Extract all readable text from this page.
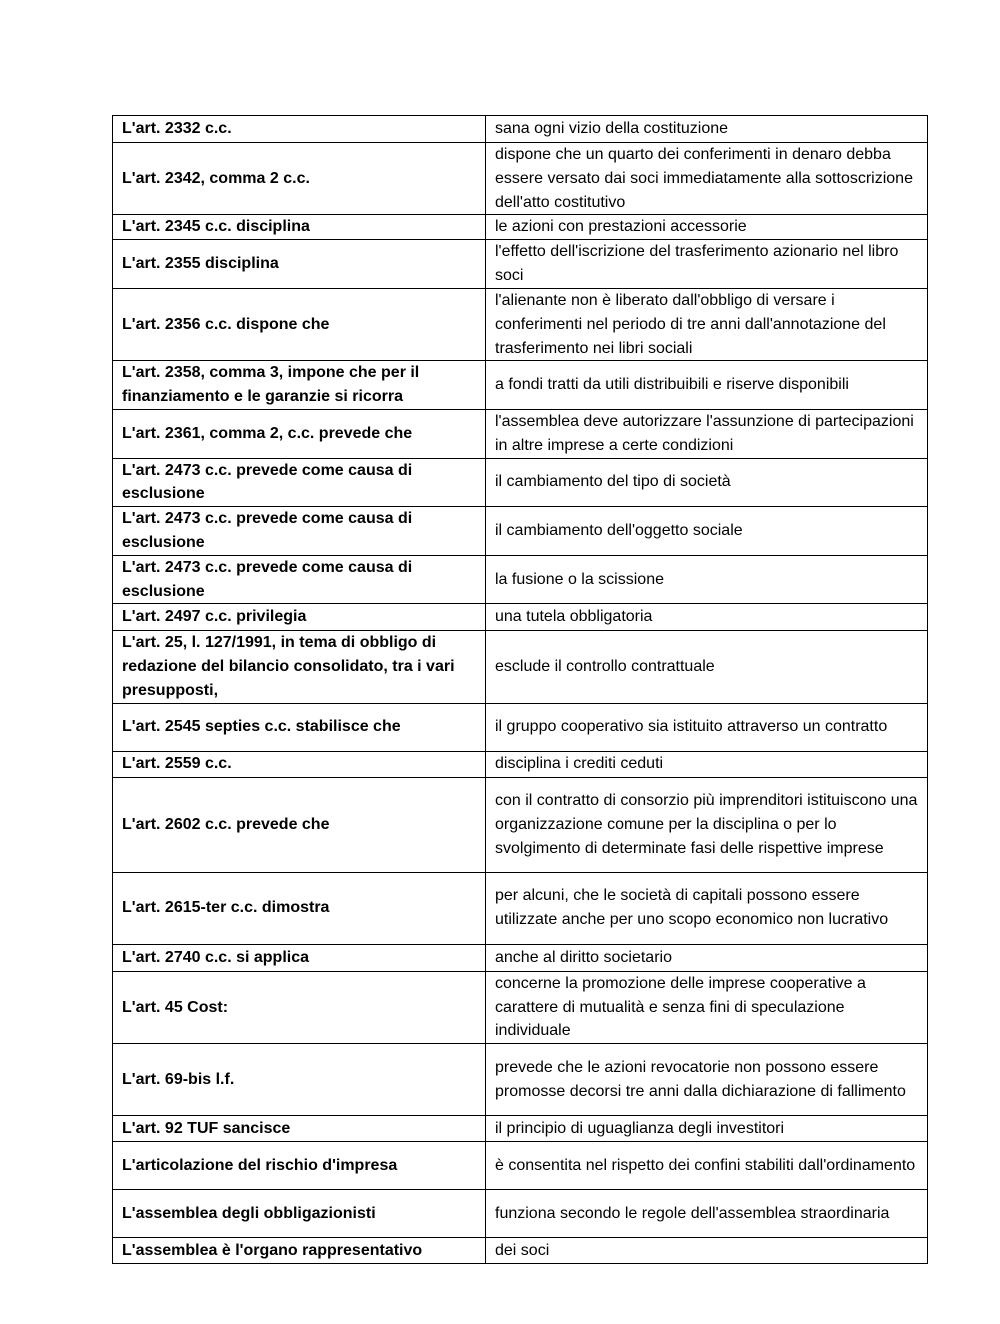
L'art. 2332 c.c.	sana ogni vizio della costituzione
L'art. 2342, comma 2 c.c.	dispone che un quarto dei conferimenti in denaro debba essere versato dai soci immediatamente alla sottoscrizione dell'atto costitutivo
L'art. 2345 c.c. disciplina	le azioni con prestazioni accessorie
L'art. 2355 disciplina	l'effetto dell'iscrizione del trasferimento azionario nel libro soci
L'art. 2356 c.c. dispone che	l'alienante non è liberato dall'obbligo di versare i conferimenti nel periodo di tre anni dall'annotazione del trasferimento nei libri sociali
L'art. 2358, comma 3, impone che per il finanziamento e le garanzie si ricorra	a fondi tratti da utili distribuibili e riserve disponibili
L'art. 2361, comma 2, c.c. prevede che	l'assemblea deve autorizzare l'assunzione di partecipazioni in altre imprese a certe condizioni
L'art. 2473 c.c. prevede come causa di esclusione	il cambiamento del tipo di società
L'art. 2473 c.c. prevede come causa di esclusione	il cambiamento dell'oggetto sociale
L'art. 2473 c.c. prevede come causa di esclusione	la fusione o la scissione
L'art. 2497 c.c. privilegia	una tutela obbligatoria
L'art. 25, l. 127/1991, in tema di obbligo di redazione del bilancio consolidato, tra i vari presupposti,	esclude il controllo contrattuale
L'art. 2545 septies c.c. stabilisce che	il gruppo cooperativo sia istituito attraverso un contratto
L'art. 2559 c.c.	disciplina i crediti ceduti
L'art. 2602 c.c. prevede che	con il contratto di consorzio più imprenditori istituiscono una organizzazione comune per la disciplina o per lo svolgimento di determinate fasi delle rispettive imprese
L'art. 2615-ter c.c. dimostra	per alcuni, che le società di capitali possono essere utilizzate anche per uno scopo economico non lucrativo
L'art. 2740 c.c. si applica	anche al diritto societario
L'art. 45 Cost:	concerne la promozione delle imprese cooperative a carattere di mutualità e senza fini di speculazione individuale
L'art. 69-bis l.f.	prevede che le azioni revocatorie non possono essere promosse decorsi tre anni dalla dichiarazione di fallimento
L'art. 92 TUF sancisce	il principio di uguaglianza degli investitori
L'articolazione del rischio d'impresa	è consentita nel rispetto dei confini stabiliti dall'ordinamento
L'assemblea degli obbligazionisti	funziona secondo le regole dell'assemblea straordinaria
L'assemblea è l'organo rappresentativo	dei soci
